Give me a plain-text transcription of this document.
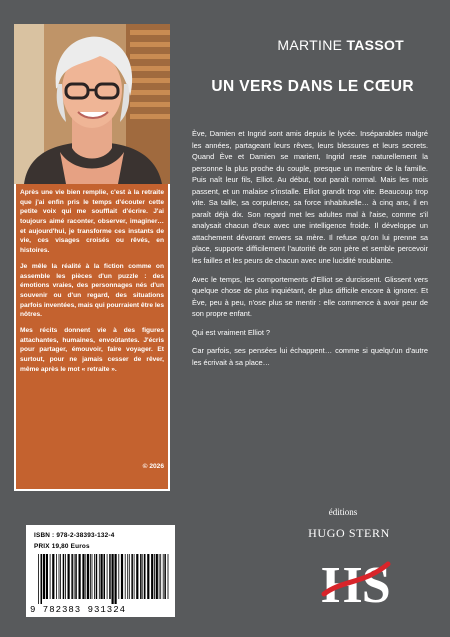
Après une vie bien remplie, c'est à la retraite que j'ai enfin pris le temps d'écouter cette petite voix qui me soufflait d'écrire. J'ai toujours aimé raconter, observer, imaginer… et aujourd'hui, je transforme ces instants de vie, ces visages croisés ou rêvés, en histoires.

Je mêle la réalité à la fiction comme on assemble les pièces d'un puzzle : des émotions vraies, des personnages nés d'un souvenir ou d'un regard, des situations parfois inventées, mais qui pourraient être les nôtres.

Mes récits donnent vie à des figures attachantes, humaines, envoûtantes. J'écris pour partager, émouvoir, faire voyager. Et surtout, pour ne jamais cesser de rêver, même après le mot « retraite ».

© 2026
MARTINE TASSOT
UN VERS DANS LE CŒUR

Ève, Damien et Ingrid sont amis depuis le lycée. Inséparables malgré les années, partageant leurs rêves, leurs blessures et leurs secrets. Quand Ève et Damien se marient, Ingrid reste naturellement la personne la plus proche du couple, presque un membre de la famille. Puis naît leur fils, Elliot. Au début, tout paraît normal. Mais les mois passent, et un malaise s'installe. Elliot grandit trop vite. Beaucoup trop vite. Sa taille, sa corpulence, sa force inhabituelle… à cinq ans, il en paraît déjà dix. Son regard met les adultes mal à l'aise, comme s'il analysait chacun d'eux avec une intelligence froide. Il développe un attachement dévorant envers sa mère. Il refuse qu'on lui prenne sa place, supporte difficilement l'autorité de son père et semble percevoir les failles et les peurs de chacun avec une lucidité troublante.

Avec le temps, les comportements d'Elliot se durcissent. Glissent vers quelque chose de plus inquiétant, de plus difficile encore à ignorer. Et Ève, peu à peu, n'ose plus se mentir : elle commence à avoir peur de son propre enfant.

Qui est vraiment Elliot ?

Car parfois, ses pensées lui échappent… comme si quelqu'un d'autre les écrivait à sa place…

ISBN : 978-2-38393-132-4
PRIX 19,80 Euros
9 782383 931324
éditions
HUGO STERN
HS
